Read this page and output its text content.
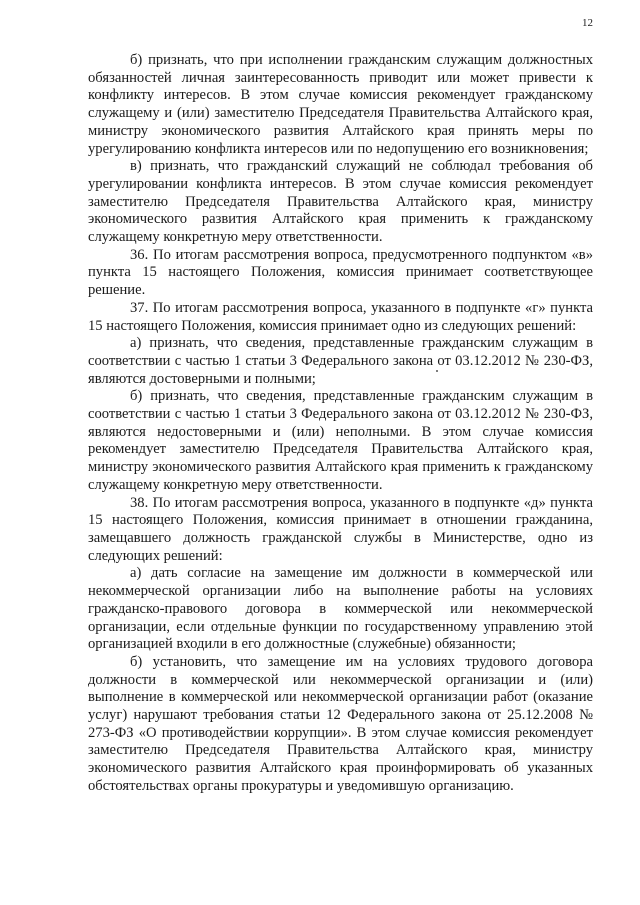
12

б) признать, что при исполнении гражданским служащим должностных обязанностей личная заинтересованность приводит или может привести к конфликту интересов. В этом случае комиссия рекомендует гражданскому служащему и (или) заместителю Председателя Правительства Алтайского края, министру экономического развития Алтайского края принять меры по урегулированию конфликта интересов или по недопущению его возникновения;

в) признать, что гражданский служащий не соблюдал требования об урегулировании конфликта интересов. В этом случае комиссия рекомендует заместителю Председателя Правительства Алтайского края, министру экономического развития Алтайского края применить к гражданскому служащему конкретную меру ответственности.

36. По итогам рассмотрения вопроса, предусмотренного подпунктом «в» пункта 15 настоящего Положения, комиссия принимает соответствующее решение.

37. По итогам рассмотрения вопроса, указанного в подпункте «г» пункта 15 настоящего Положения, комиссия принимает одно из следующих решений:

а) признать, что сведения, представленные гражданским служащим в соответствии с частью 1 статьи 3 Федерального закона от 03.12.2012 № 230-ФЗ, являются достоверными и полными;

б) признать, что сведения, представленные гражданским служащим в соответствии с частью 1 статьи 3 Федерального закона от 03.12.2012 № 230-ФЗ, являются недостоверными и (или) неполными. В этом случае комиссия рекомендует заместителю Председателя Правительства Алтайского края, министру экономического развития Алтайского края применить к гражданскому служащему конкретную меру ответственности.

38. По итогам рассмотрения вопроса, указанного в подпункте «д» пункта 15 настоящего Положения, комиссия принимает в отношении гражданина, замещавшего должность гражданской службы в Министерстве, одно из следующих решений:

а) дать согласие на замещение им должности в коммерческой или некоммерческой организации либо на выполнение работы на условиях гражданско-правового договора в коммерческой или некоммерческой организации, если отдельные функции по государственному управлению этой организацией входили в его должностные (служебные) обязанности;

б) установить, что замещение им на условиях трудового договора должности в коммерческой или некоммерческой организации и (или) выполнение в коммерческой или некоммерческой организации работ (оказание услуг) нарушают требования статьи 12 Федерального закона от 25.12.2008 № 273-ФЗ «О противодействии коррупции». В этом случае комиссия рекомендует заместителю Председателя Правительства Алтайского края, министру экономического развития Алтайского края проинформировать об указанных обстоятельствах органы прокуратуры и уведомившую организацию.
